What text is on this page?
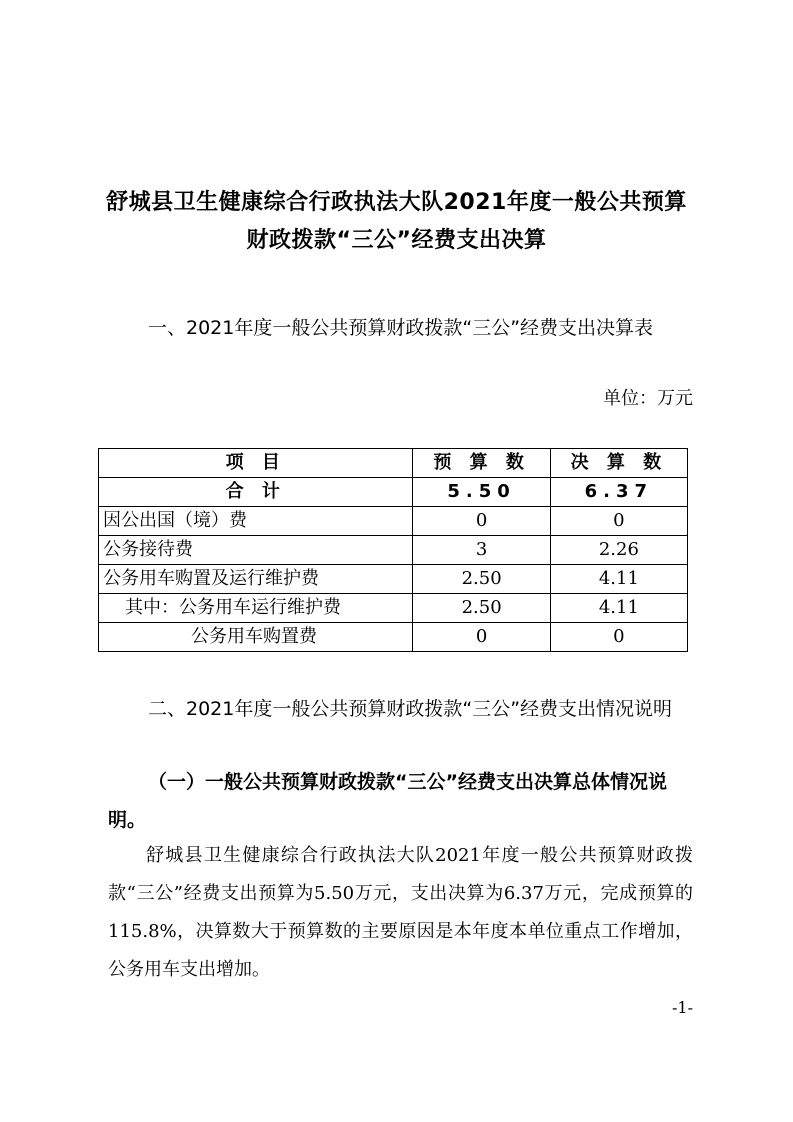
舒城县卫生健康综合行政执法大队2021年度一般公共预算财政拨款“三公”经费支出决算
一、2021年度一般公共预算财政拨款“三公”经费支出决算表
单位：万元
项 目	预 算 数	决 算 数
合 计	5.50	6.37
因公出国（境）费	0	0
公务接待费	3	2.26
公务用车购置及运行维护费	2.50	4.11
其中：公务用车运行维护费	2.50	4.11
公务用车购置费	0	0
二、2021年度一般公共预算财政拨款“三公”经费支出情况说明
（一）一般公共预算财政拨款“三公”经费支出决算总体情况说明。
舒城县卫生健康综合行政执法大队2021年度一般公共预算财政拨款“三公”经费支出预算为5.50万元，支出决算为6.37万元，完成预算的115.8%，决算数大于预算数的主要原因是本年度本单位重点工作增加，公务用车支出增加。
-1-
